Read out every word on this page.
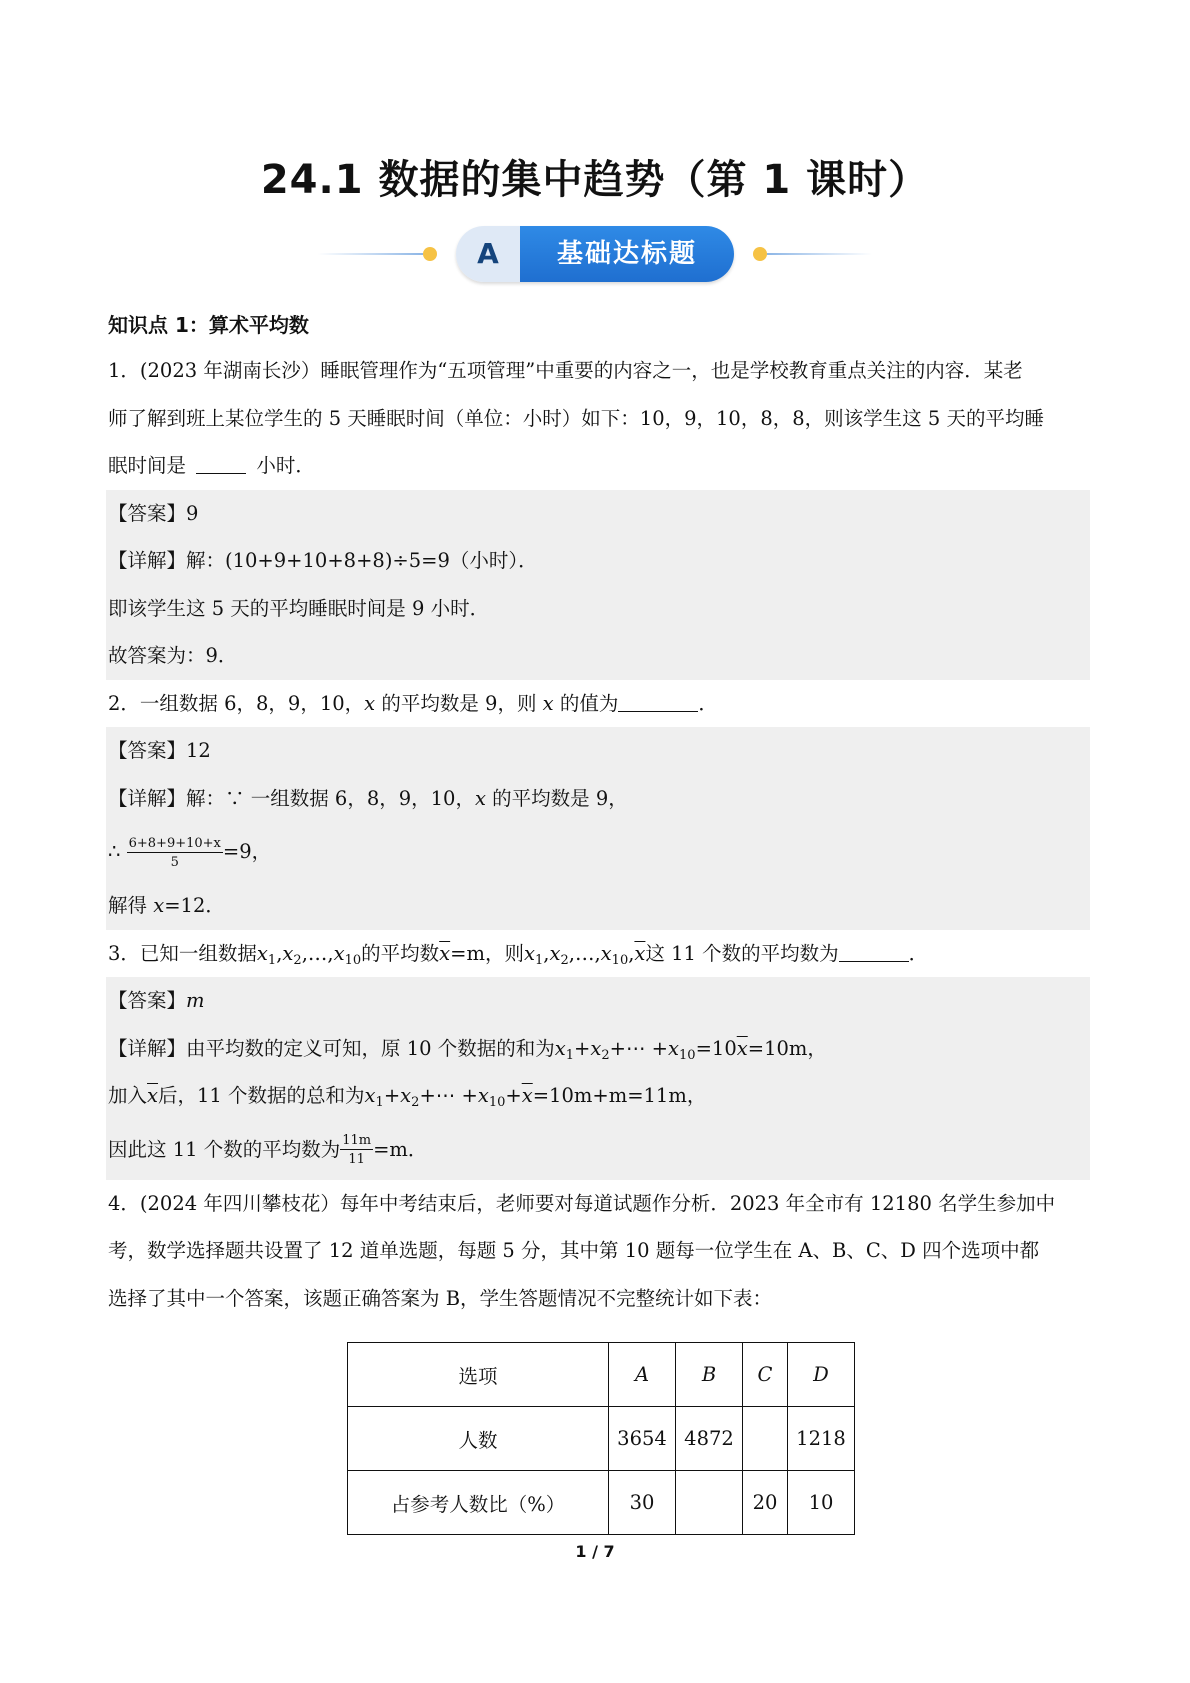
24.1 数据的集中趋势（第 1 课时）
A	基础达标题
知识点 1：算术平均数
1．(2023 年湖南长沙）睡眠管理作为“五项管理”中重要的内容之一，也是学校教育重点关注的内容．某老
师了解到班上某位学生的 5 天睡眠时间（单位：小时）如下：10，9，10，8，8，则该学生这 5 天的平均睡
眠时间是	小时．
【答案】9
【详解】解：(10+9+10+8+8)÷5=9（小时）．
即该学生这 5 天的平均睡眠时间是 9 小时．
故答案为：9．
2．一组数据 6，8，9，10，x 的平均数是 9，则 x 的值为	．
【答案】12
【详解】解：∵ 一组数据 6，8，9，10，x 的平均数是 9，
∴ $\frac{6+8+9+10+x}{5} =9$，
解得 x=12．
3．已知一组数据$x_1,x_2,\dots,x_{10}$的平均数$\overline{x}=m$，则$x_1,x_2,\dots,x_{10},\overline{x}$这 11 个数的平均数为	．
【答案】m
【详解】由平均数的定义可知，原 10 个数据的和为$x_1+x_2+\cdots +x_{10}=10\overline{x}=10m$，
加入$\overline{x}$后，11 个数据的总和为$x_1+x_2+\cdots +x_{10}+\overline{x}=10m+m=11m$，
因此这 11 个数的平均数为 $\frac{11m}{11} =m$．
4．(2024 年四川攀枝花）每年中考结束后，老师要对每道试题作分析．2023 年全市有 12180 名学生参加中
考，数学选择题共设置了 12 道单选题，每题 5 分，其中第 10 题每一位学生在 A、B、C、D 四个选项中都
选择了其中一个答案，该题正确答案为 B，学生答题情况不完整统计如下表：
选项	A	B	C	D
人数	3654	4872		1218
占参考人数比（%）	30		20	10
1 / 7
